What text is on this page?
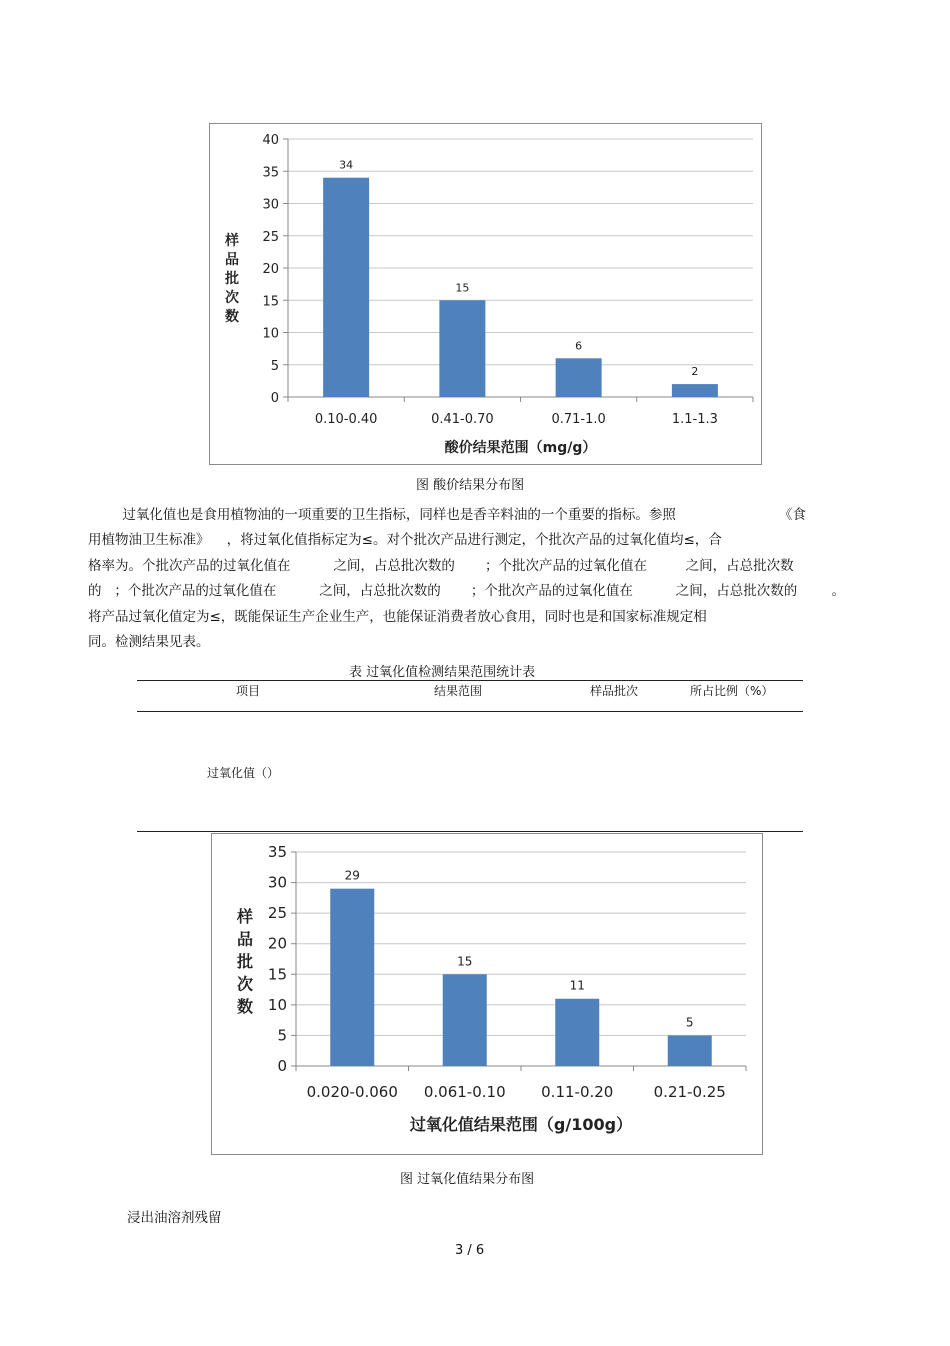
0
5
10
15
20
25
30
35
40
34
0.10-0.40
15
0.41-0.70
6
0.71-1.0
2
1.1-1.3
样
品
批
次
数
酸价结果范围（mg/g）
图 酸价结果分布图
过氧化值也是食用植物油的一项重要的卫生指标，同样也是香辛料油的一个重要的指标。参照                        《食
用植物油卫生标准》    ，将过氧化值指标定为≤。对个批次产品进行测定，个批次产品的过氧化值均≤，合
格率为。个批次产品的过氧化值在          之间，占总批次数的       ；个批次产品的过氧化值在         之间，占总批次数
的   ；个批次产品的过氧化值在          之间，占总批次数的       ；个批次产品的过氧化值在          之间，占总批次数的        。
将产品过氧化值定为≤，既能保证生产企业生产，也能保证消费者放心食用，同时也是和国家标准规定相
同。检测结果见表。
表 过氧化值检测结果范围统计表
项目	结果范围	样品批次	所占比例（%）
过氧化值（）
0
5
10
15
20
25
30
35
29
0.020-0.060
15
0.061-0.10
11
0.11-0.20
5
0.21-0.25
样
品
批
次
数
过氧化值结果范围（g/100g）
图 过氧化值结果分布图
浸出油溶剂残留
3 / 6
